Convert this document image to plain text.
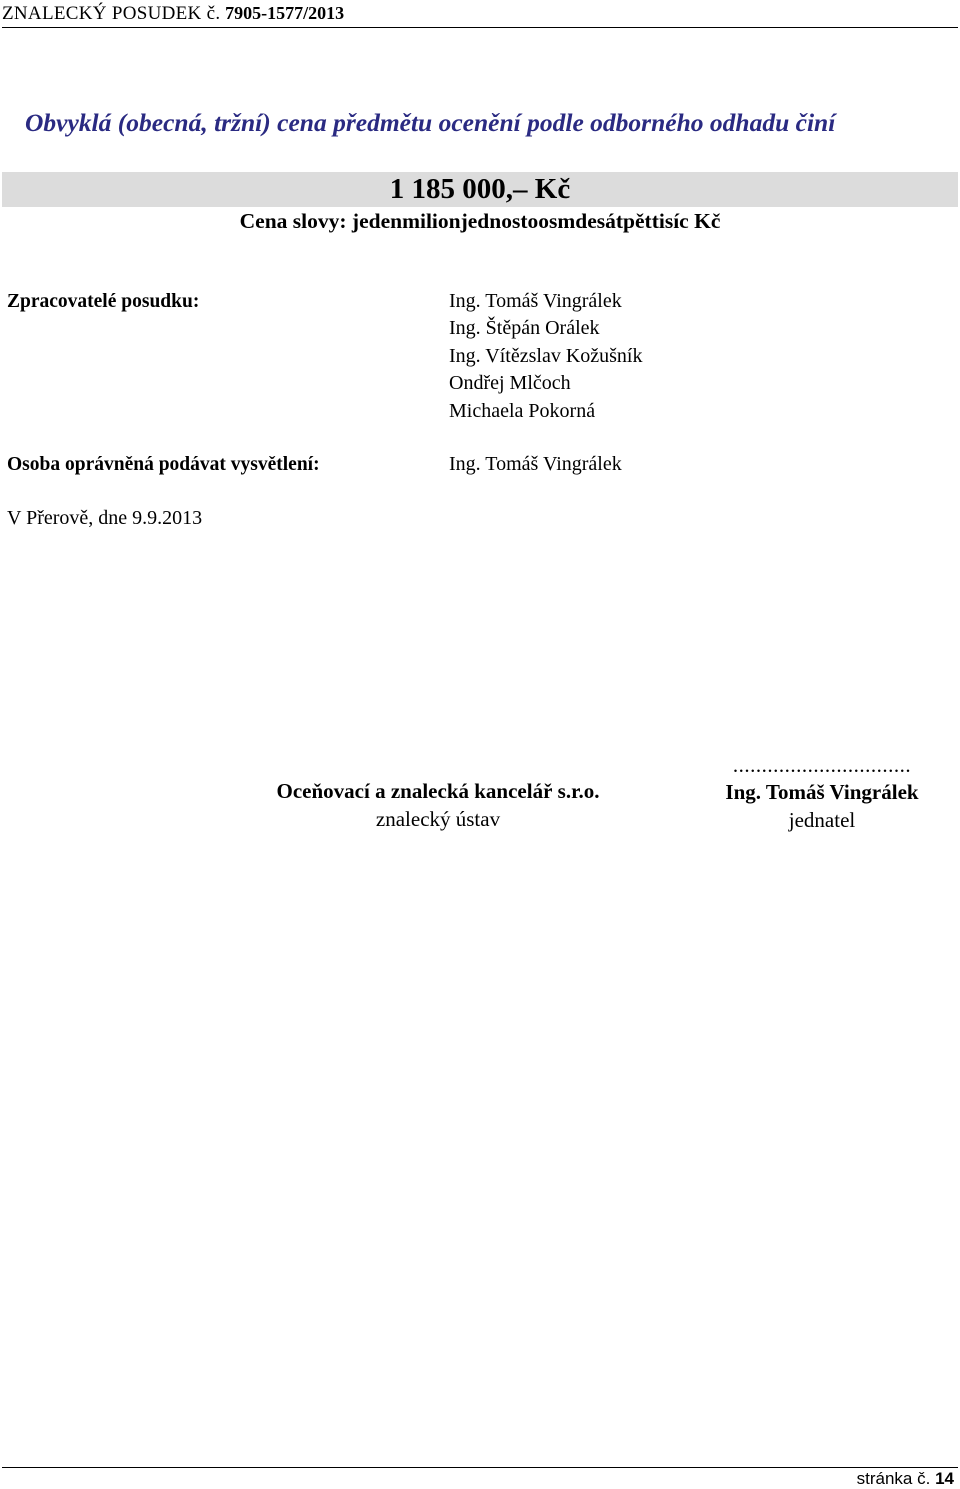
ZNALECKÝ POSUDEK č. 7905-1577/2013
Obvyklá (obecná, tržní) cena předmětu ocenění podle odborného odhadu činí
1 185 000,– Kč
Cena slovy: jedenmilionjednostoosmdesátpěttisíc Kč
Zpracovatelé posudku:	Ing. Tomáš Vingrálek
Ing. Štěpán Orálek
Ing. Vítězslav Kožušník
Ondřej Mlčoch
Michaela Pokorná
Osoba oprávněná podávat vysvětlení:	Ing. Tomáš Vingrálek
V Přerově, dne 9.9.2013
Oceňovací a znalecká kancelář s.r.o.
znalecký ústav
...............................
Ing. Tomáš Vingrálek
jednatel
stránka č. 14
